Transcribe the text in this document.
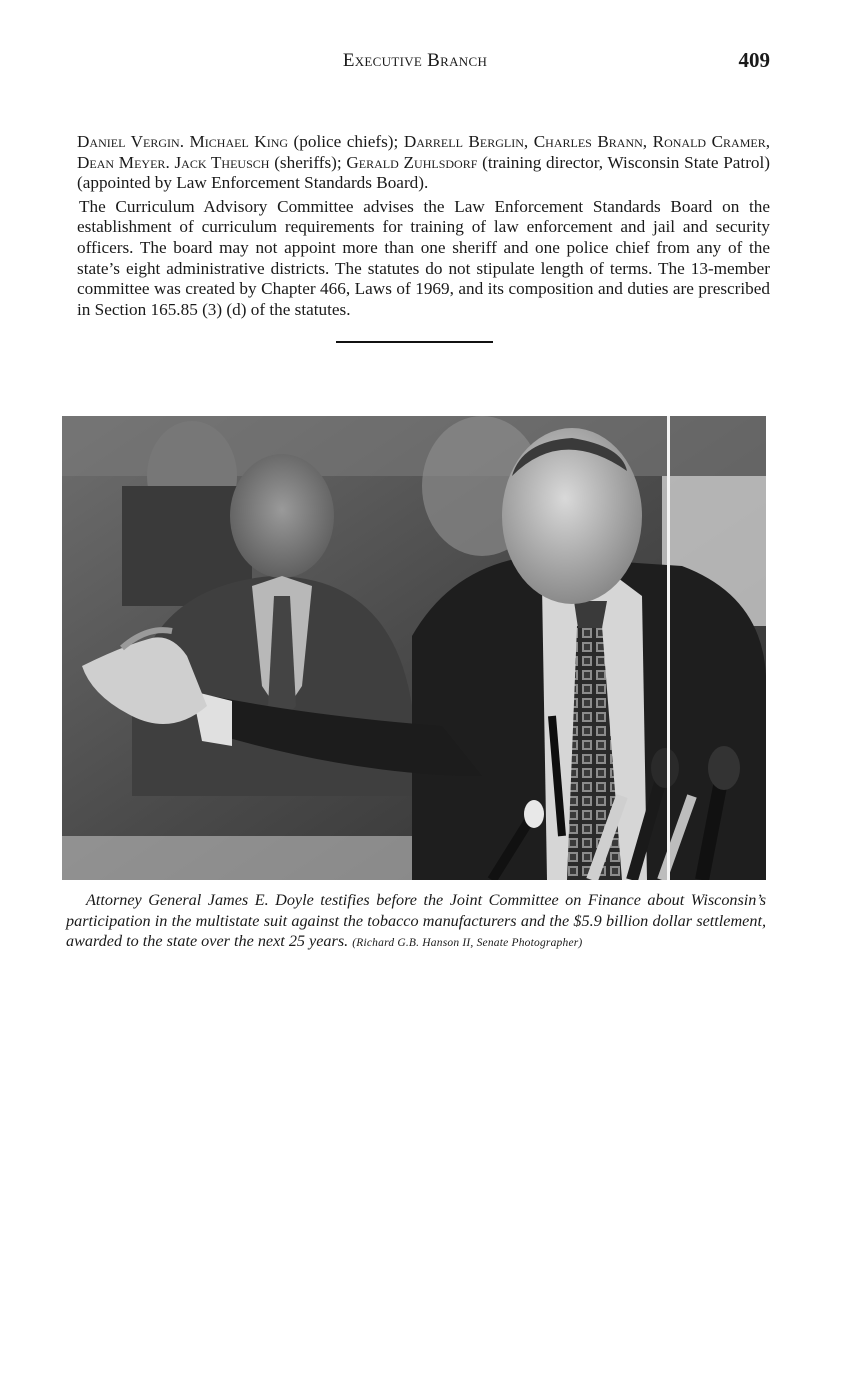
Executive Branch	409

Daniel Vergin. Michael King (police chiefs); Darrell Berglin, Charles Brann, Ronald Cramer, Dean Meyer. Jack Theusch (sheriffs); Gerald Zuhlsdorf (training director, Wisconsin State Patrol) (appointed by Law Enforcement Standards Board).

The Curriculum Advisory Committee advises the Law Enforcement Standards Board on the establishment of curriculum requirements for training of law enforcement and jail and security officers. The board may not appoint more than one sheriff and one police chief from any of the state’s eight administrative districts. The statutes do not stipulate length of terms. The 13-member committee was created by Chapter 466, Laws of 1969, and its composition and duties are prescribed in Section 165.85 (3) (d) of the statutes.

Attorney General James E. Doyle testifies before the Joint Committee on Finance about Wisconsin’s participation in the multistate suit against the tobacco manufacturers and the $5.9 billion dollar settlement, awarded to the state over the next 25 years. (Richard G.B. Hanson II, Senate Photographer)
